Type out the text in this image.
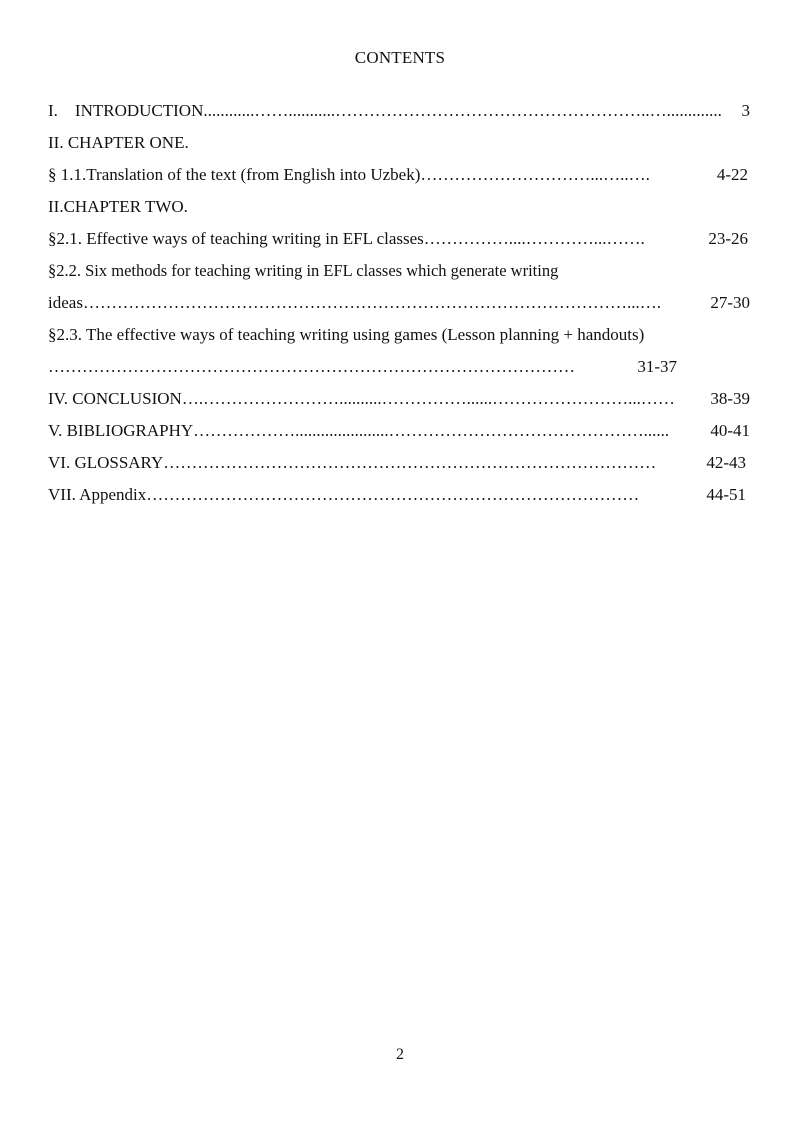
CONTENTS
I.    INTRODUCTION ............……...........………………………………………………..….............	3
II. CHAPTER ONE.
§ 1.1.Translation of the text (from English into Uzbek) …………………………...…..….	4-22
II.CHAPTER TWO.
§2.1. Effective ways of teaching writing in EFL classes ……………....…………...…….	23-26
§2.2. Six methods for teaching writing in EFL classes which generate writing
ideas ……………………………………………………………………………………...….	27-30
§2.3. The effective ways of teaching writing using games (Lesson planning + handouts)
…………………………………………………………………………………	31-37
IV. CONCLUSION ….……………………..........……………......……………………...……	38-39
V. BIBLIOGRAPHY ………………......................………………………………………......	40-41
VI. GLOSSARY ……………………………………………………………………………	42-43
VII. Appendix ……………………………………………………………………………	44-51
2
